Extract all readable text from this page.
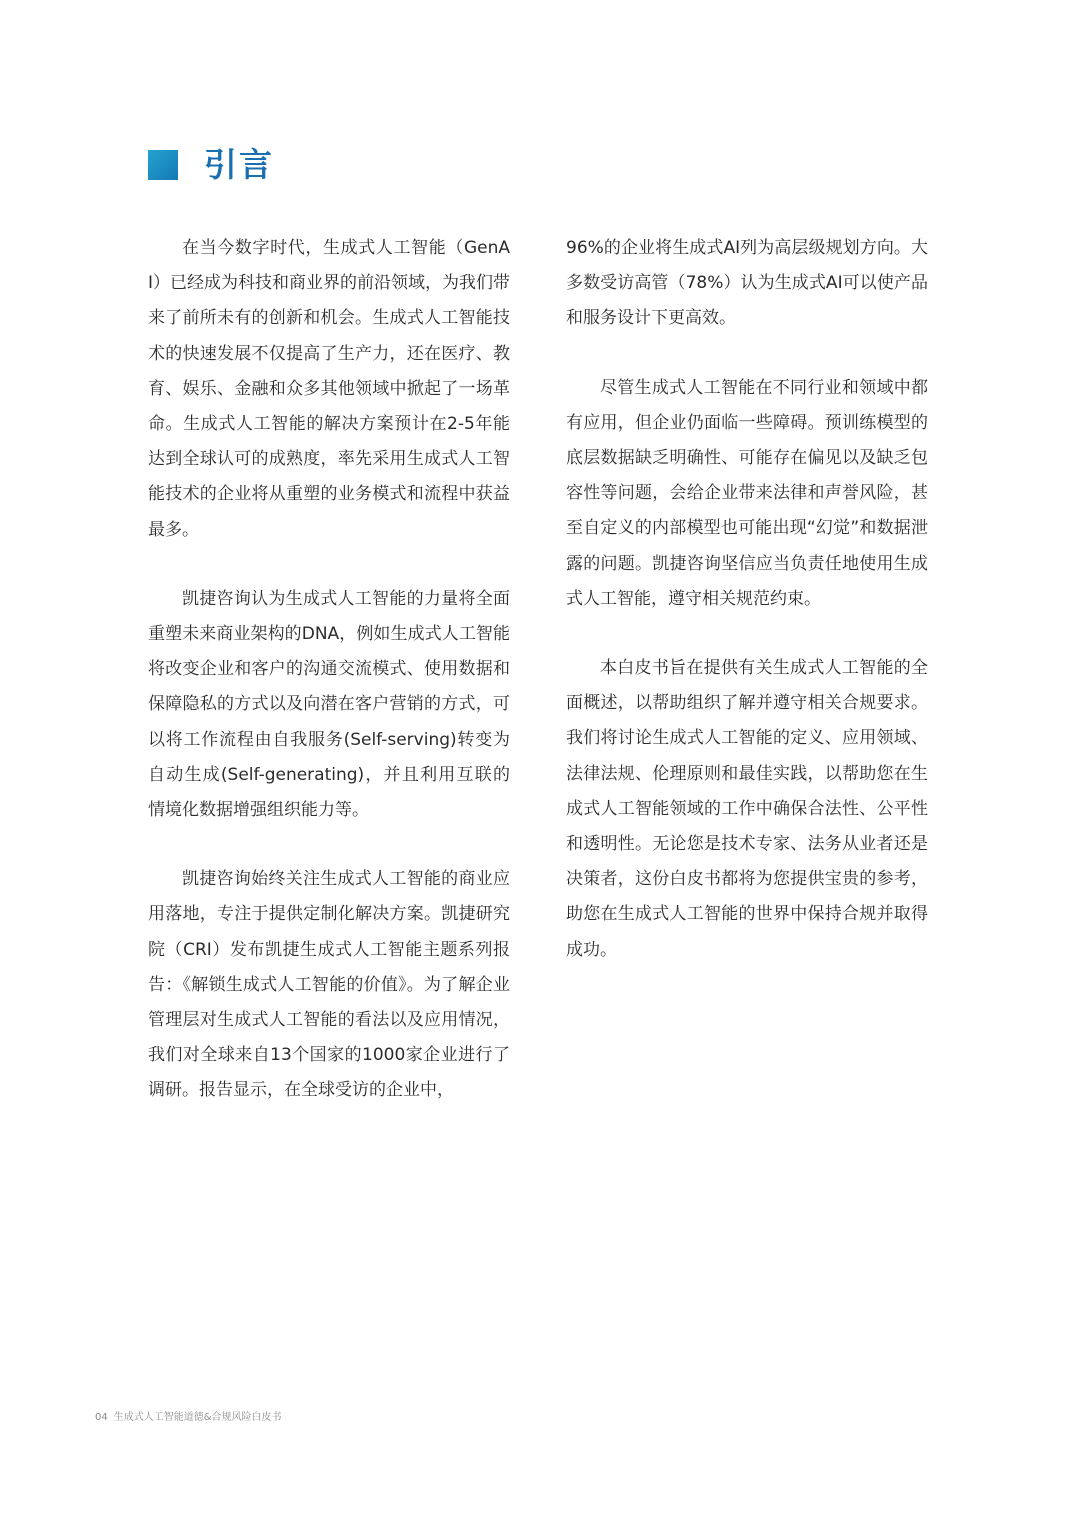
引言

在当今数字时代，生成式人工智能（GenAI）已经成为科技和商业界的前沿领域，为我们带来了前所未有的创新和机会。生成式人工智能技术的快速发展不仅提高了生产力，还在医疗、教育、娱乐、金融和众多其他领域中掀起了一场革命。生成式人工智能的解决方案预计在2-5年能达到全球认可的成熟度，率先采用生成式人工智能技术的企业将从重塑的业务模式和流程中获益最多。

凯捷咨询认为生成式人工智能的力量将全面重塑未来商业架构的DNA，例如生成式人工智能将改变企业和客户的沟通交流模式、使用数据和保障隐私的方式以及向潜在客户营销的方式，可以将工作流程由自我服务(Self-serving)转变为自动生成(Self-generating)，并且利用互联的情境化数据增强组织能力等。

凯捷咨询始终关注生成式人工智能的商业应用落地，专注于提供定制化解决方案。凯捷研究院（CRI）发布凯捷生成式人工智能主题系列报告：《解锁生成式人工智能的价值》。为了解企业管理层对生成式人工智能的看法以及应用情况，我们对全球来自13个国家的1000家企业进行了调研。报告显示，在全球受访的企业中，

96%的企业将生成式AI列为高层级规划方向。大多数受访高管（78%）认为生成式AI可以使产品和服务设计下更高效。

尽管生成式人工智能在不同行业和领域中都有应用，但企业仍面临一些障碍。预训练模型的底层数据缺乏明确性、可能存在偏见以及缺乏包容性等问题，会给企业带来法律和声誉风险，甚至自定义的内部模型也可能出现“幻觉”和数据泄露的问题。凯捷咨询坚信应当负责任地使用生成式人工智能，遵守相关规范约束。

本白皮书旨在提供有关生成式人工智能的全面概述，以帮助组织了解并遵守相关合规要求。我们将讨论生成式人工智能的定义、应用领域、法律法规、伦理原则和最佳实践，以帮助您在生成式人工智能领域的工作中确保合法性、公平性和透明性。无论您是技术专家、法务从业者还是决策者，这份白皮书都将为您提供宝贵的参考，助您在生成式人工智能的世界中保持合规并取得成功。

04 生成式人工智能道德&合规风险白皮书
